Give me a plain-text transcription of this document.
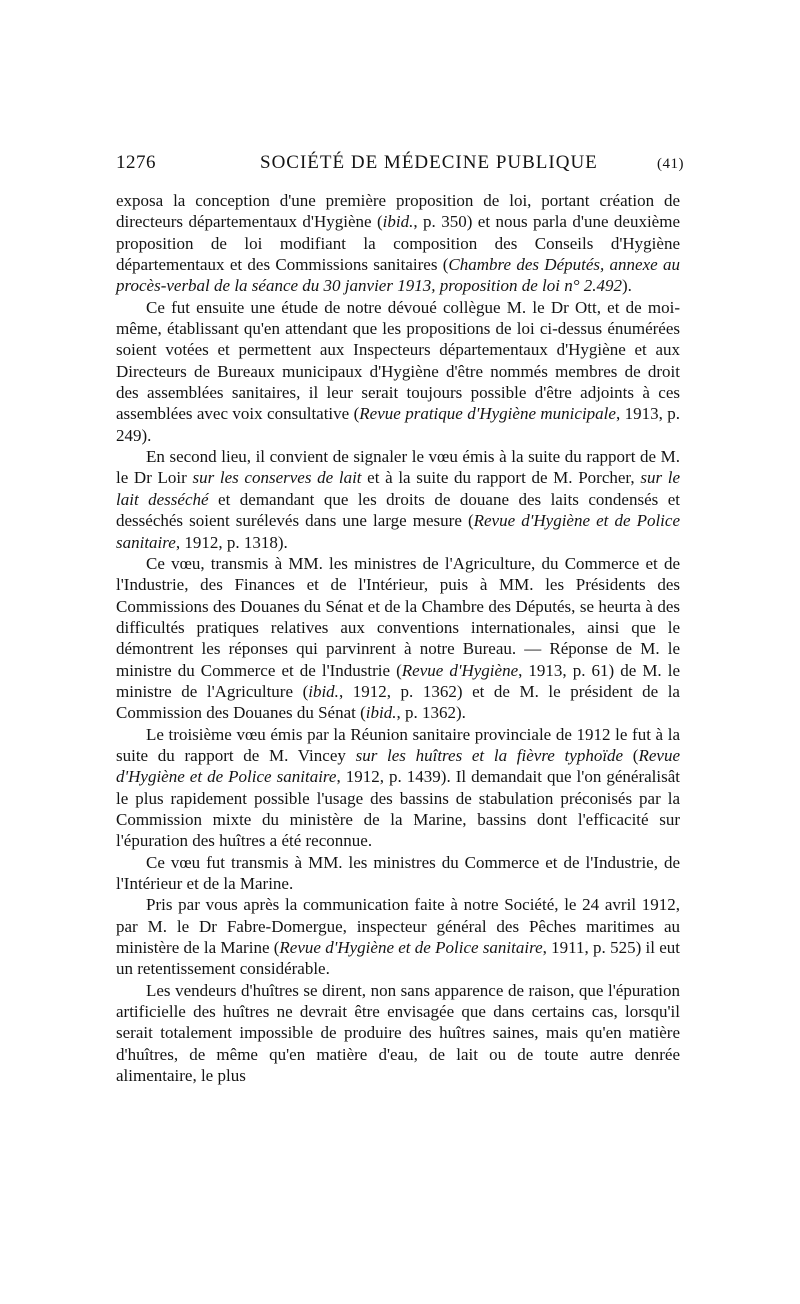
1276	SOCIÉTÉ DE MÉDECINE PUBLIQUE	(41)

exposa la conception d'une première proposition de loi, portant création de directeurs départementaux d'Hygiène (ibid., p. 350) et nous parla d'une deuxième proposition de loi modifiant la composition des Conseils d'Hygiène départementaux et des Commissions sanitaires (Chambre des Députés, annexe au procès-verbal de la séance du 30 janvier 1913, proposition de loi n° 2.492).

Ce fut ensuite une étude de notre dévoué collègue M. le Dr Ott, et de moi-même, établissant qu'en attendant que les propositions de loi ci-dessus énumérées soient votées et permettent aux Inspecteurs départementaux d'Hygiène et aux Directeurs de Bureaux municipaux d'Hygiène d'être nommés membres de droit des assemblées sanitaires, il leur serait toujours possible d'être adjoints à ces assemblées avec voix consultative (Revue pratique d'Hygiène municipale, 1913, p. 249).

En second lieu, il convient de signaler le vœu émis à la suite du rapport de M. le Dr Loir sur les conserves de lait et à la suite du rapport de M. Porcher, sur le lait desséché et demandant que les droits de douane des laits condensés et desséchés soient surélevés dans une large mesure (Revue d'Hygiène et de Police sanitaire, 1912, p. 1318).

Ce vœu, transmis à MM. les ministres de l'Agriculture, du Commerce et de l'Industrie, des Finances et de l'Intérieur, puis à MM. les Présidents des Commissions des Douanes du Sénat et de la Chambre des Députés, se heurta à des difficultés pratiques relatives aux conventions internationales, ainsi que le démontrent les réponses qui parvinrent à notre Bureau. — Réponse de M. le ministre du Commerce et de l'Industrie (Revue d'Hygiène, 1913, p. 61) de M. le ministre de l'Agriculture (ibid., 1912, p. 1362) et de M. le président de la Commission des Douanes du Sénat (ibid., p. 1362).

Le troisième vœu émis par la Réunion sanitaire provinciale de 1912 le fut à la suite du rapport de M. Vincey sur les huîtres et la fièvre typhoïde (Revue d'Hygiène et de Police sanitaire, 1912, p. 1439). Il demandait que l'on généralisât le plus rapidement possible l'usage des bassins de stabulation préconisés par la Commission mixte du ministère de la Marine, bassins dont l'efficacité sur l'épuration des huîtres a été reconnue.

Ce vœu fut transmis à MM. les ministres du Commerce et de l'Industrie, de l'Intérieur et de la Marine.

Pris par vous après la communication faite à notre Société, le 24 avril 1912, par M. le Dr Fabre-Domergue, inspecteur général des Pêches maritimes au ministère de la Marine (Revue d'Hygiène et de Police sanitaire, 1911, p. 525) il eut un retentissement considérable.

Les vendeurs d'huîtres se dirent, non sans apparence de raison, que l'épuration artificielle des huîtres ne devrait être envisagée que dans certains cas, lorsqu'il serait totalement impossible de produire des huîtres saines, mais qu'en matière d'huîtres, de même qu'en matière d'eau, de lait ou de toute autre denrée alimentaire, le plus
